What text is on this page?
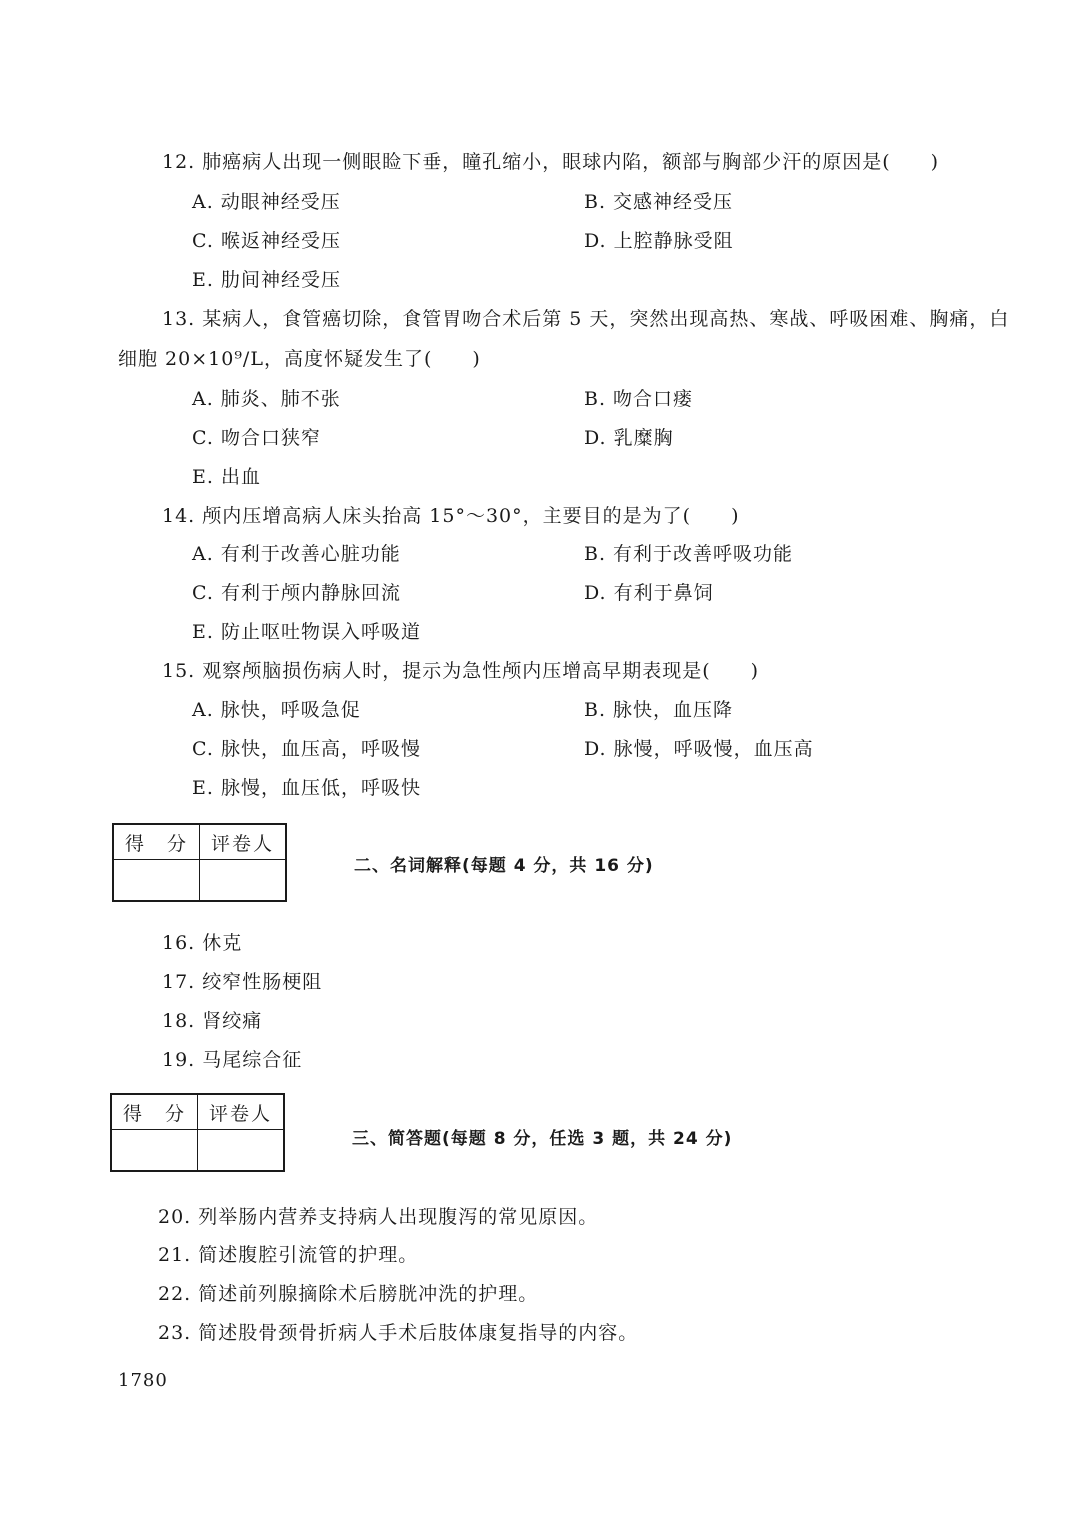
12. 肺癌病人出现一侧眼睑下垂，瞳孔缩小，眼球内陷，额部与胸部少汗的原因是(　　)
A. 动眼神经受压	B. 交感神经受压
C. 喉返神经受压	D. 上腔静脉受阻
E. 肋间神经受压
13. 某病人，食管癌切除，食管胃吻合术后第 5 天，突然出现高热、寒战、呼吸困难、胸痛，白
细胞 20×10⁹/L，高度怀疑发生了(　　)
A. 肺炎、肺不张	B. 吻合口瘘
C. 吻合口狭窄	D. 乳糜胸
E. 出血
14. 颅内压增高病人床头抬高 15°～30°，主要目的是为了(　　)
A. 有利于改善心脏功能	B. 有利于改善呼吸功能
C. 有利于颅内静脉回流	D. 有利于鼻饲
E. 防止呕吐物误入呼吸道
15. 观察颅脑损伤病人时，提示为急性颅内压增高早期表现是(　　)
A. 脉快，呼吸急促	B. 脉快，血压降
C. 脉快，血压高，呼吸慢	D. 脉慢，呼吸慢，血压高
E. 脉慢，血压低，呼吸快
得　分	评卷人

二、名词解释(每题 4 分，共 16 分)
16. 休克
17. 绞窄性肠梗阻
18. 肾绞痛
19. 马尾综合征
得　分	评卷人

三、简答题(每题 8 分，任选 3 题，共 24 分)
20. 列举肠内营养支持病人出现腹泻的常见原因。
21. 简述腹腔引流管的护理。
22. 简述前列腺摘除术后膀胱冲洗的护理。
23. 简述股骨颈骨折病人手术后肢体康复指导的内容。
1780
